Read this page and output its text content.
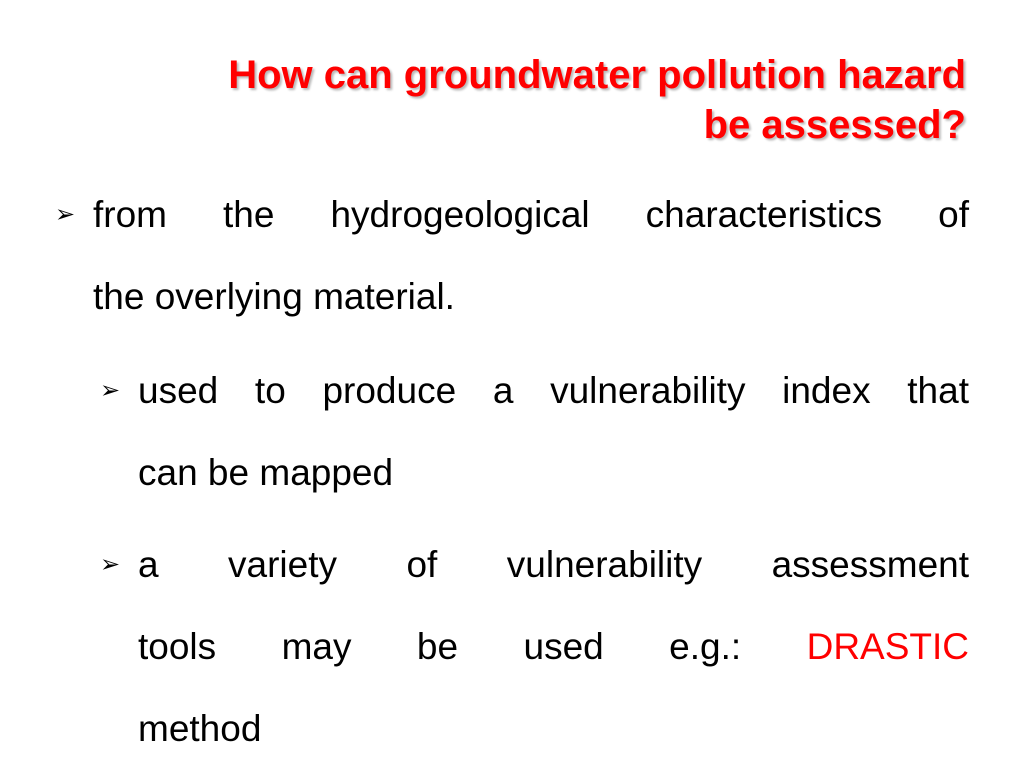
How can groundwater pollution hazard
be assessed?
➢ from the hydrogeological characteristics of
the overlying material.
➢ used to produce a vulnerability index that
can be mapped
➢ a variety of vulnerability assessment
tools may be used e.g.: DRASTIC
method
